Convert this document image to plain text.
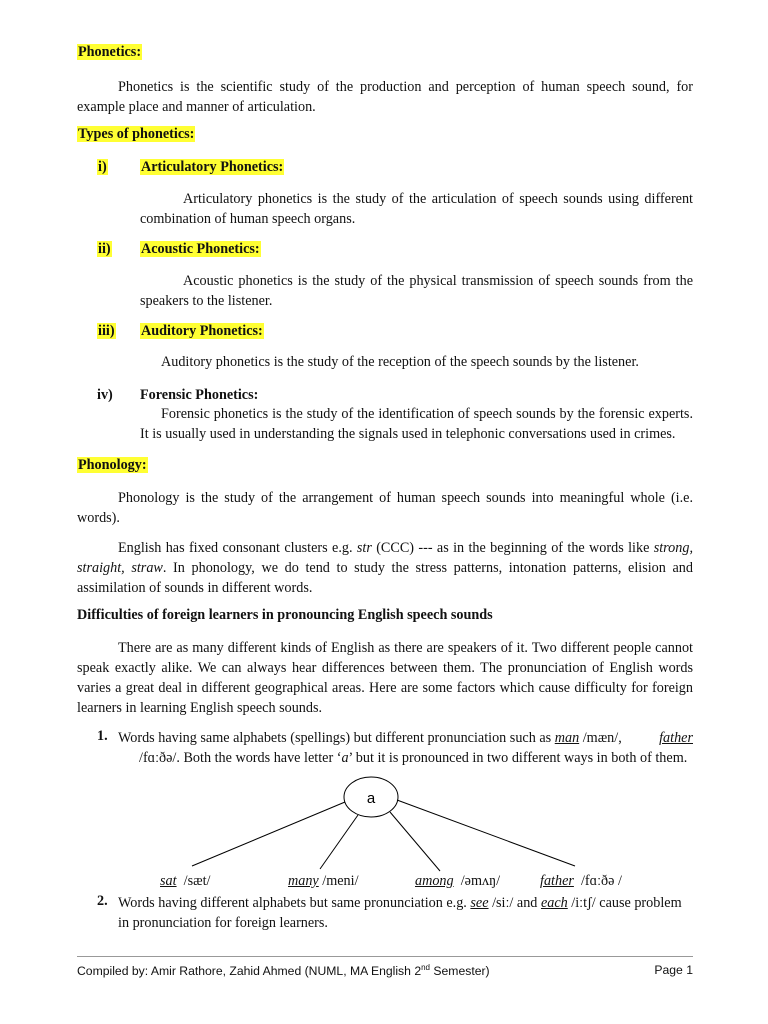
Phonetics:
Phonetics is the scientific study of the production and perception of human speech sound, for example place and manner of articulation.
Types of phonetics:
i) Articulatory Phonetics:
Articulatory phonetics is the study of the articulation of speech sounds using different combination of human speech organs.
ii) Acoustic Phonetics:
Acoustic phonetics is the study of the physical transmission of speech sounds from the speakers to the listener.
iii) Auditory Phonetics:
Auditory phonetics is the study of the reception of the speech sounds by the listener.
iv) Forensic Phonetics:
Forensic phonetics is the study of the identification of speech sounds by the forensic experts. It is usually used in understanding the signals used in telephonic conversations used in crimes.
Phonology:
Phonology is the study of the arrangement of human speech sounds into meaningful whole (i.e. words).
English has fixed consonant clusters e.g. str (CCC) --- as in the beginning of the words like strong, straight, straw. In phonology, we do tend to study the stress patterns, intonation patterns, elision and assimilation of sounds in different words.
Difficulties of foreign learners in pronouncing English speech sounds
There are as many different kinds of English as there are speakers of it. Two different people cannot speak exactly alike. We can always hear differences between them. The pronunciation of English words varies a great deal in different geographical areas. Here are some factors which cause difficulty for foreign learners in learning English speech sounds.
1. Words having same alphabets (spellings) but different pronunciation such as man /mæn/,	father
/fɑːðə/. Both the words have letter ‘a’ but it is pronounced in two different ways in both of them.
a
sat /sæt/	many /meni/	among /əmʌŋ/	father /fɑːðə /
2. Words having different alphabets but same pronunciation e.g. see /siː/ and each /iːtʃ/ cause problem in pronunciation for foreign learners.
Compiled by: Amir Rathore, Zahid Ahmed (NUML, MA English 2nd Semester)	Page 1
